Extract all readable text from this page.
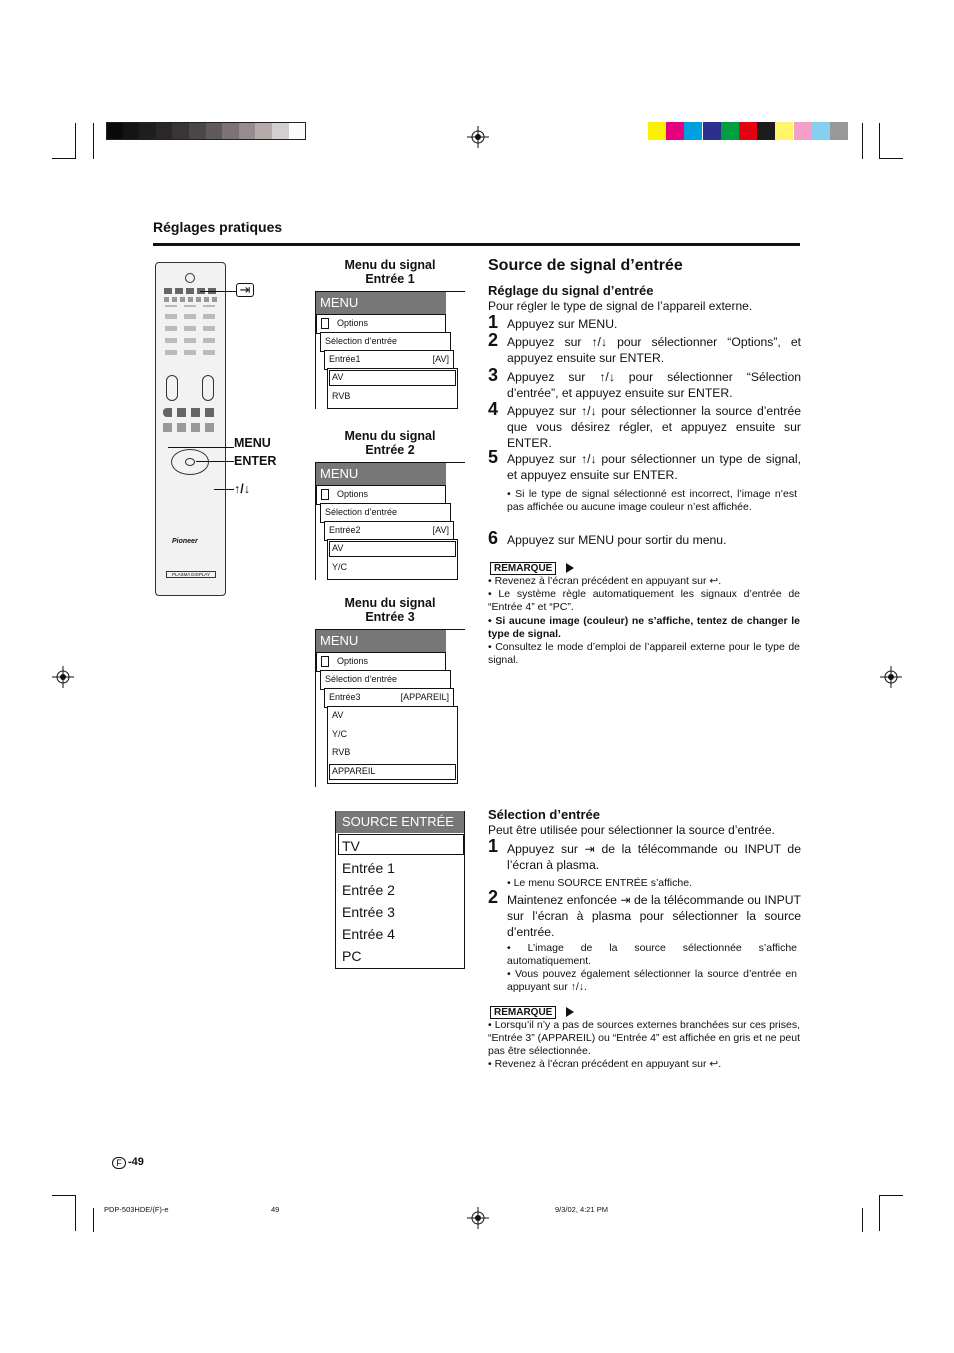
Réglages pratiques
Source de signal d’entrée
Pioneer
PLASMA DISPLAY
⇥
MENU
ENTER
↑/↓
Menu du signal
Entrée 1
MENU
Options
Sélection d’entrée
Entrée1	[AV]
AV
RVB
Menu du signal
Entrée 2
MENU
Options
Sélection d’entrée
Entrée2	[AV]
AV
Y/C
Menu du signal
Entrée 3
MENU
Options
Sélection d’entrée
Entrée3	[APPAREIL]
AV
Y/C
RVB
APPAREIL
SOURCE ENTRÉE
TV
Entrée 1
Entrée 2
Entrée 3
Entrée 4
PC
Réglage du signal d’entrée
Pour régler le type de signal de l’appareil externe.
1 Appuyez sur MENU.
2 Appuyez sur ↑/↓ pour sélectionner “Options”, et appuyez ensuite sur ENTER.
3 Appuyez sur ↑/↓ pour sélectionner “Sélection d’entrée”, et appuyez ensuite sur ENTER.
4 Appuyez sur ↑/↓ pour sélectionner la source d’entrée que vous désirez régler, et appuyez ensuite sur ENTER.
5 Appuyez sur ↑/↓ pour sélectionner un type de signal, et appuyez ensuite sur ENTER.
6 Appuyez sur MENU pour sortir du menu.
• Si le type de signal sélectionné est incorrect, l’image n’est pas affichée ou aucune image couleur n’est affichée.
REMARQUE
• Revenez à l’écran précédent en appuyant sur ↩.
• Le système règle automatiquement les signaux d’entrée de “Entrée 4” et “PC”.
• Si aucune image (couleur) ne s’affiche, tentez de changer le type de signal.
• Consultez le mode d’emploi de l’appareil externe pour le type de signal.
Sélection d’entrée
Peut être utilisée pour sélectionner la source d’entrée.
1 Appuyez sur ⇥ de la télécommande ou INPUT de l’écran à plasma.
• Le menu SOURCE ENTRÉE s’affiche.
2 Maintenez enfoncée ⇥ de la télécommande ou INPUT sur l’écran à plasma pour sélectionner la source d’entrée.
• L’image de la source sélectionnée s’affiche automatiquement.
• Vous pouvez également sélectionner la source d’entrée en appuyant sur ↑/↓.
REMARQUE
• Lorsqu’il n’y a pas de sources externes branchées sur ces prises, “Entrée 3” (APPAREIL) ou “Entrée 4” est affichée en gris et ne peut pas être sélectionnée.
• Revenez à l’écran précédent en appuyant sur ↩.
F -49
PDP-503HDE/(F)-e	49	9/3/02, 4:21 PM
